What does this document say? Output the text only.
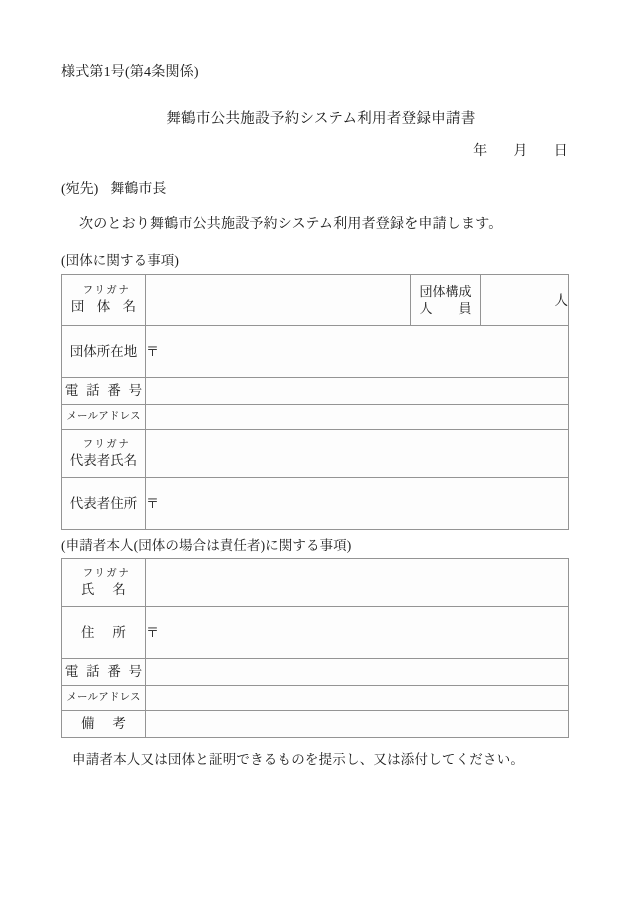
様式第1号(第4条関係)
舞鶴市公共施設予約システム利用者登録申請書
年 月 日
(宛先) 舞鶴市長
次のとおり舞鶴市公共施設予約システム利用者登録を申請します。
(団体に関する事項)
フリガナ
団 体 名		団体構成
人　　員	人

団体所在地	〒		

電 話 番 号			

メールアドレス			

フリガナ
代表者氏名			

代表者住所	〒		
(申請者本人(団体の場合は責任者)に関する事項)
フリガナ
氏　名	

住　所	〒

電 話 番 号	

メールアドレス	

備　考	

申請者本人又は団体と証明できるものを提示し、又は添付してください。
